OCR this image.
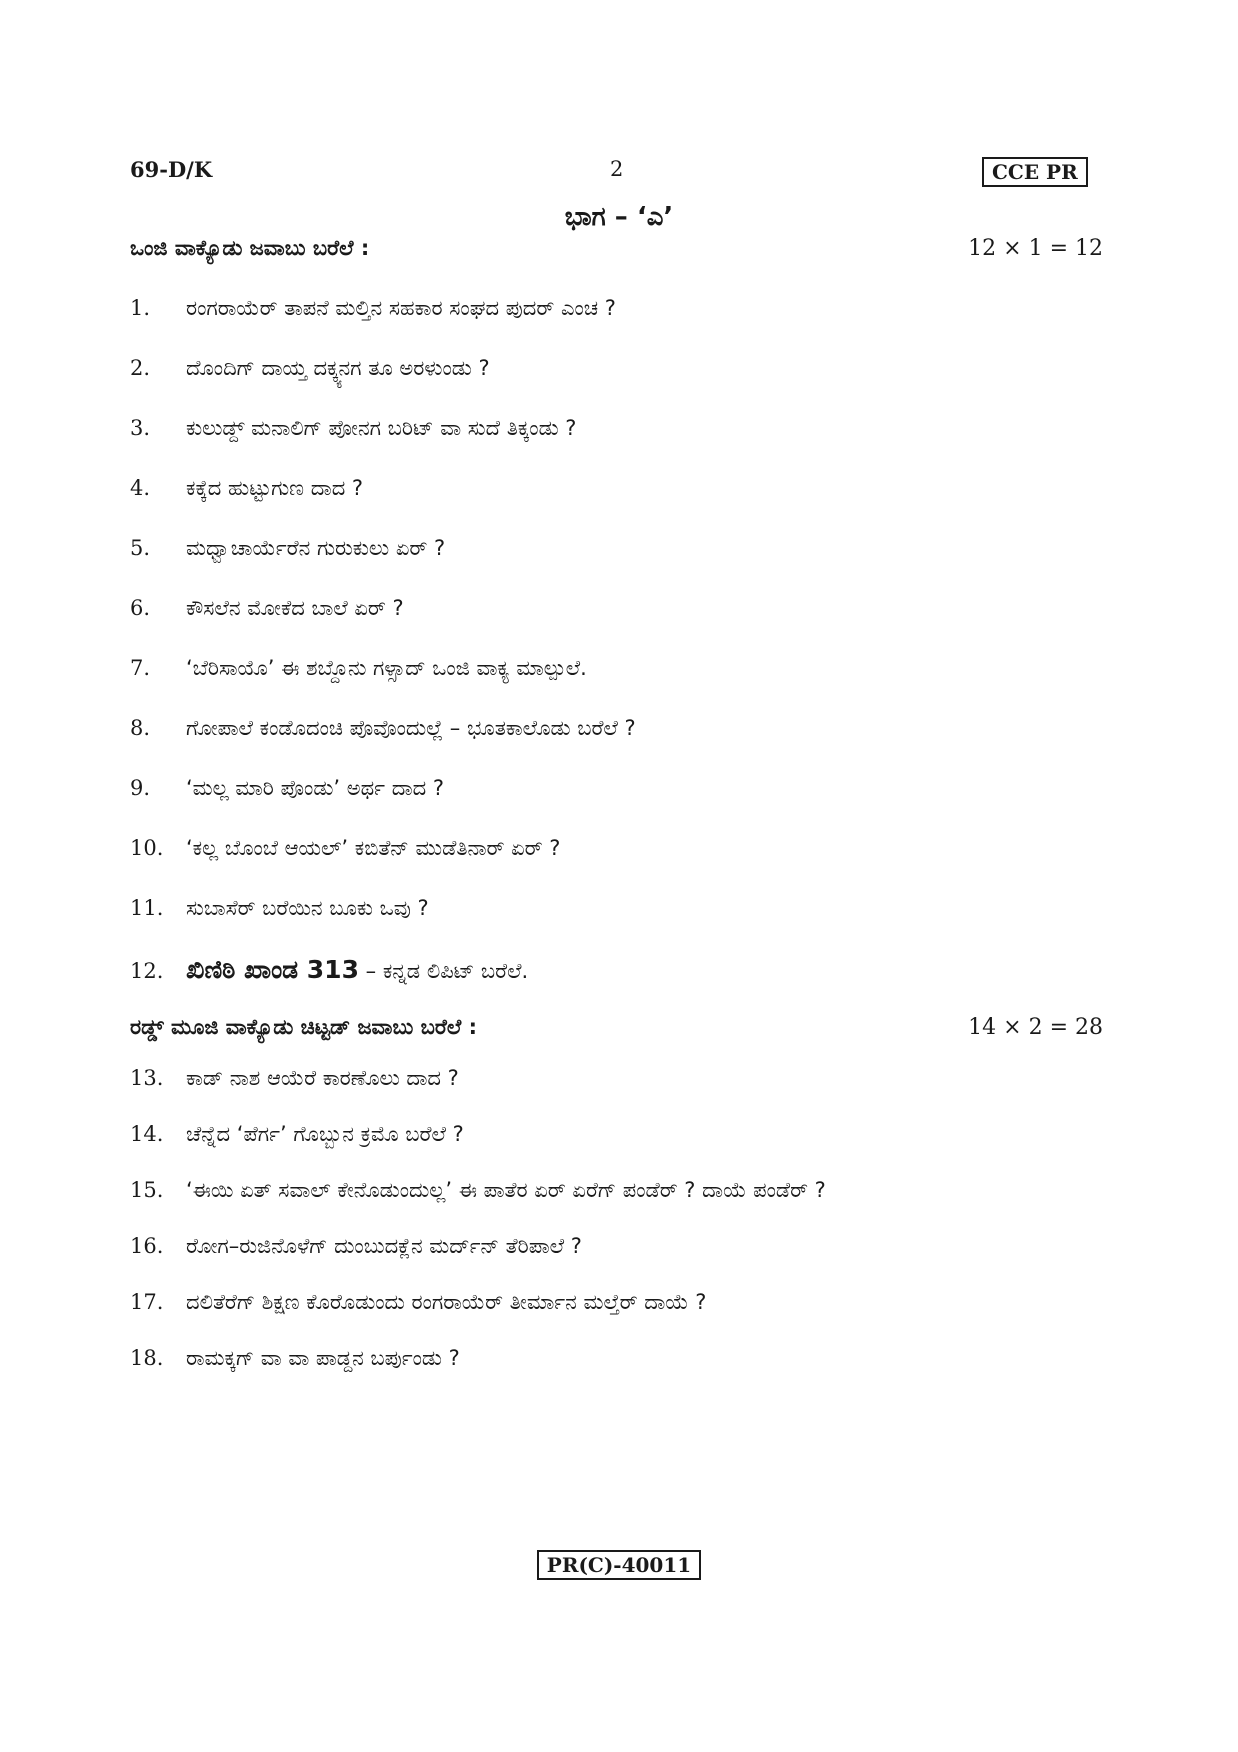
69-D/K	2	CCE PR
ಭಾಗ – ‘ಎ’
ಒಂಜಿ ವಾಕ್ಯೊಡು ಜವಾಬು ಬರೆಲೆ :	12 × 1 = 12
1. ರಂಗರಾಯೆರ್ ತಾಪನೆ ಮಲ್ತಿನ ಸಹಕಾರ ಸಂಘದ ಪುದರ್ ಎಂಚ ?
2. ದೊಂದಿಗ್ ದಾಯ್ತ ದಕ್ಕ್ಯನಗ ತೂ ಅರಳುಂಡು ?
3. ಕುಲುಡ್ದ್ ಮನಾಲಿಗ್ ಪೋನಗ ಬರಿಟ್ ವಾ ಸುದೆ ತಿಕ್ಕಂಡು ?
4. ಕಕ್ಕೆದ ಹುಟ್ಟುಗುಣ ದಾದ ?
5. ಮಧ್ವಾಚಾರ್ಯೆರೆನ ಗುರುಕುಲು ಏರ್ ?
6. ಕೌಸಲೆನ ಮೋಕೆದ ಬಾಲೆ ಏರ್ ?
7. ‘ಬೆರಿಸಾಯೊ’ ಈ ಶಬ್ದೊನು ಗಳ್ಸಾದ್ ಒಂಜಿ ವಾಕ್ಯ ಮಾಲ್ಪುಲೆ.
8. ಗೋಪಾಲೆ ಕಂಡೊದಂಚಿ ಪೊವೊಂದುಲ್ಲೆ – ಭೂತಕಾಲೊಡು ಬರೆಲೆ ?
9. ‘ಮಲ್ಲ ಮಾರಿ ಪೊಂಡು’ ಅರ್ಥ ದಾದ ?
10. ‘ಕಲ್ಲ ಬೊಂಬೆ ಆಯಲ್’ ಕಬಿತೆನ್ ಮುಡೆತಿನಾರ್ ಏರ್ ?
11. ಸುಬಾಸೆರ್ ಬರೆಯಿನ ಬೂಕು ಒವು ?
12. ಖಿಣಿಠಿ ಖಾಂಡ 313 – ಕನ್ನಡ ಲಿಪಿಟ್ ಬರೆಲೆ.
ರಡ್ಡ್ ಮೂಜಿ ವಾಕ್ಯೊಡು ಚಿಟ್ಟಡ್ ಜವಾಬು ಬರೆಲೆ :	14 × 2 = 28
13. ಕಾಡ್ ನಾಶ ಆಯೆರೆ ಕಾರಣೊಲು ದಾದ ?
14. ಚೆನ್ನೆದ ‘ಪೆರ್ಗ’ ಗೊಬ್ಬುನ ಕ್ರಮೊ ಬರೆಲೆ ?
15. ‘ಈಯಿ ಏತ್ ಸವಾಲ್ ಕೇನೊಡುಂದುಲ್ಲ’ ಈ ಪಾತೆರ ಏರ್ ಏರೆಗ್ ಪಂಡೆರ್ ? ದಾಯೆ ಪಂಡೆರ್ ?
16. ರೋಗ–ರುಜಿನೊಳೆಗ್ ದುಂಬುದಕ್ಲೆನ ಮರ್ದ್‌ನ್ ತೆರಿಪಾಲೆ ?
17. ದಲಿತೆರೆಗ್ ಶಿಕ್ಷಣ ಕೊರೊಡುಂದು ರಂಗರಾಯೆರ್ ತೀರ್ಮಾನ ಮಲ್ತೆರ್ ದಾಯೆ ?
18. ರಾಮಕ್ಕಗ್ ವಾ ವಾ ಪಾಡ್ದನ ಬರ್ಪುಂಡು ?
PR(C)-40011
